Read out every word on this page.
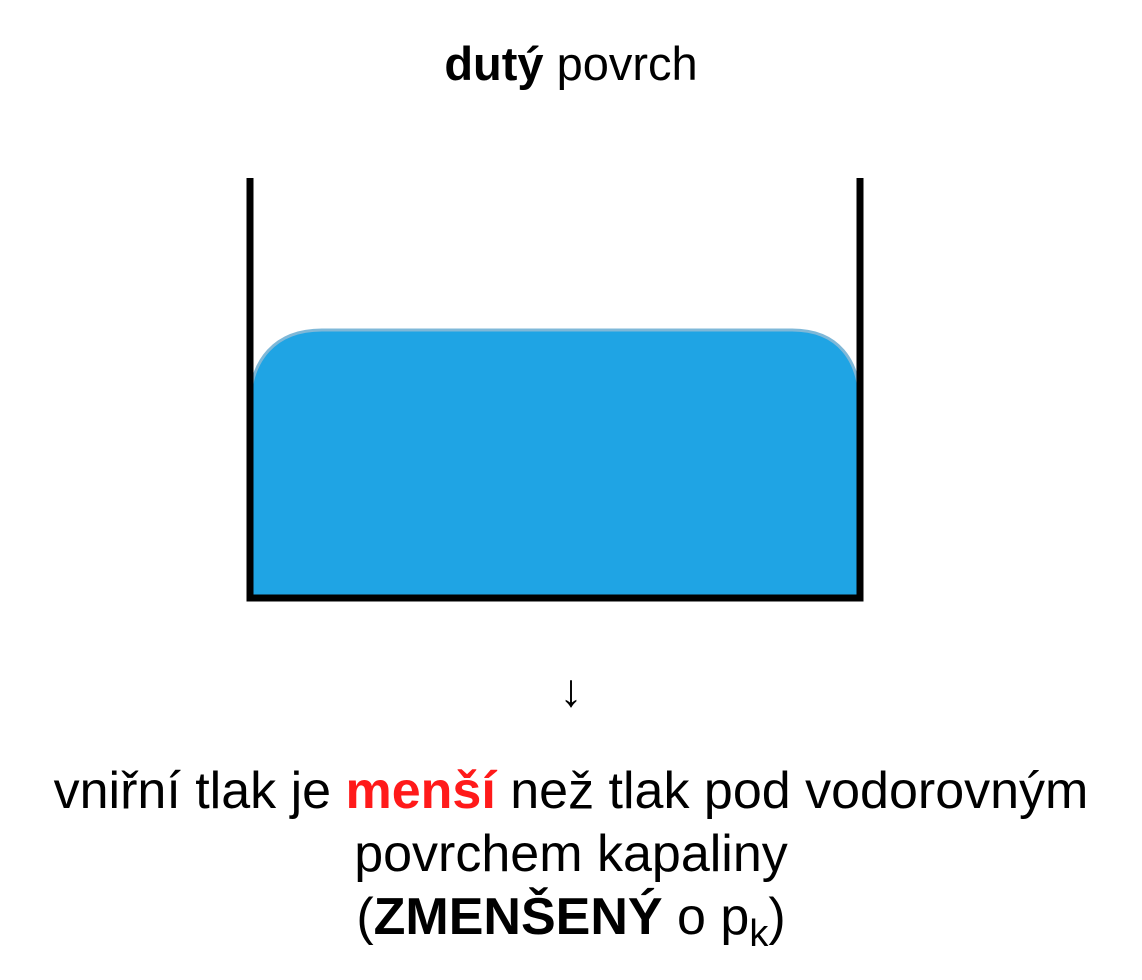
dutý povrch
↓
vniřní tlak je menší než tlak pod vodorovným
povrchem kapaliny
(ZMENŠENÝ o $p_k$)
